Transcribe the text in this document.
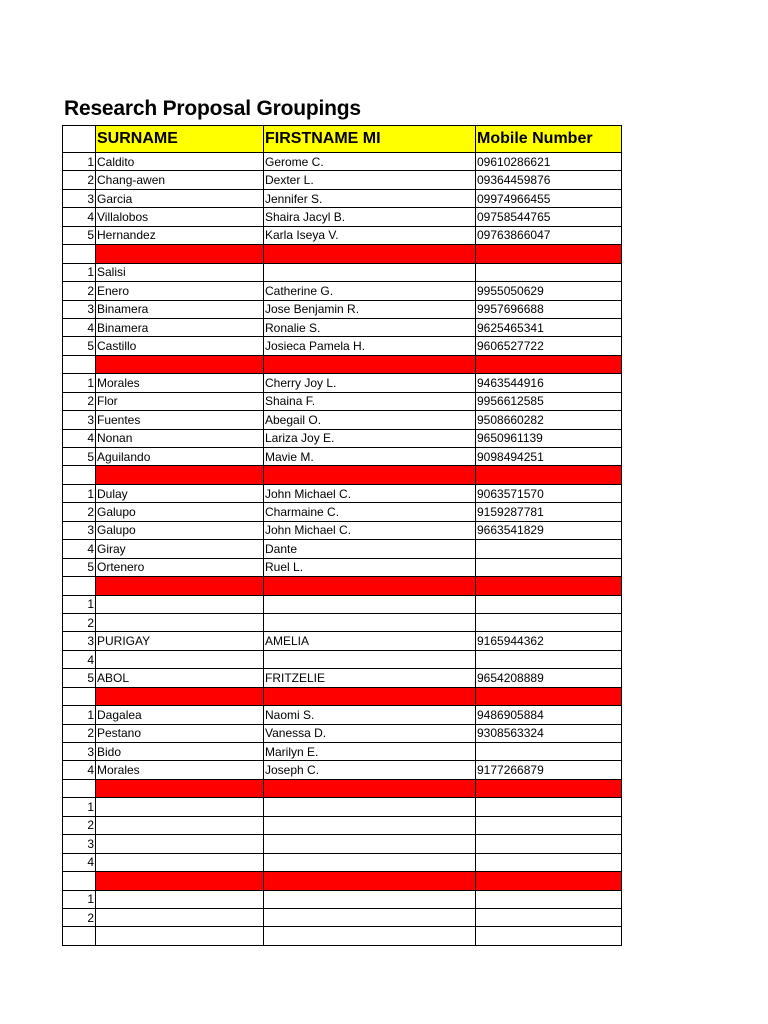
Research Proposal Groupings
	SURNAME	FIRSTNAME MI	Mobile Number
1	Caldito	Gerome C.	09610286621
2	Chang-awen	Dexter L.	09364459876
3	Garcia	Jennifer S.	09974966455
4	Villalobos	Shaira Jacyl B.	09758544765
5	Hernandez	Karla Iseya V.	09763866047

1	Salisi		
2	Enero	Catherine G.	9955050629
3	Binamera	Jose Benjamin R.	9957696688
4	Binamera	Ronalie S.	9625465341
5	Castillo	Josieca Pamela H.	9606527722

1	Morales	Cherry Joy L.	9463544916
2	Flor	Shaina F.	9956612585
3	Fuentes	Abegail O.	9508660282
4	Nonan	Lariza Joy E.	9650961139
5	Aguilando	Mavie M.	9098494251

1	Dulay	John Michael C.	9063571570
2	Galupo	Charmaine C.	9159287781
3	Galupo	John Michael C.	9663541829
4	Giray	Dante	
5	Ortenero	Ruel L.	

1			
2			
3	PURIGAY	AMELIA	9165944362
4			
5	ABOL	FRITZELIE	9654208889

1	Dagalea	Naomi S.	9486905884
2	Pestano	Vanessa D.	9308563324
3	Bido	Marilyn E.	
4	Morales	Joseph C.	9177266879

1			
2			
3			
4			

1			
2			
